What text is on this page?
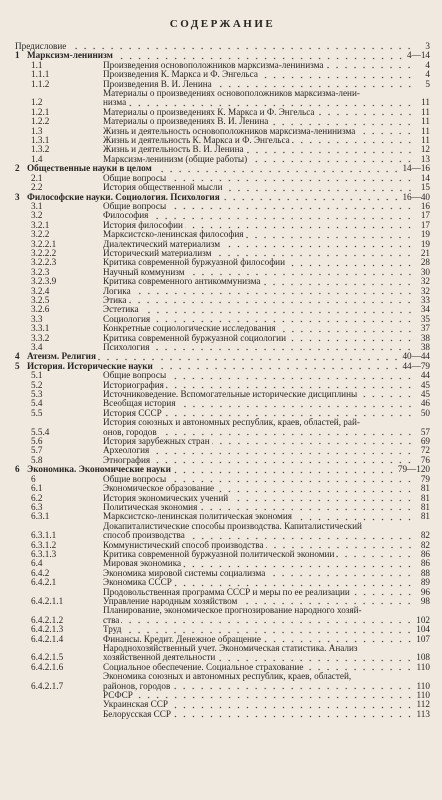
СОДЕРЖАНИЕ
Предисловие	3
1 Марксизм-ленинизм	4—14
1.1	Произведения основоположников марксизма-ленинизма	4
1.1.1	Произведения К. Маркса и Ф. Энгельса	4
1.1.2	Произведения В. И. Ленина	5
1.2
Материалы о произведениях основоположников марксизма-лени-
низма	11
1.2.1	Материалы о произведениях К. Маркса и Ф. Энгельса	11
1.2.2	Материалы о произведениях В. И. Ленина	11
1.3	Жизнь и деятельность основоположников марксизма-ленинизма	11
1.3.1	Жизнь и деятельность К. Маркса и Ф. Энгельса	11
1.3.2	Жизнь и деятельность В. И. Ленина	12
1.4	Марксизм-ленинизм (общие работы)	13
2 Общественные науки в целом	14—16
2.1	Общие вопросы	14
2.2	История общественной мысли	15
3 Философские науки. Социология. Психология	16—40
3.1	Общие вопросы	16
3.2	Философия	17
3.2.1	История философии	17
3.2.2	Марксистско-ленинская философия	19
3.2.2.1	Диалектический материализм	19
3.2.2.2	Исторический материализм	21
3.2.2.3	Критика современной буржуазной философии	28
3.2.3	Научный коммунизм	30
3.2.3.9	Критика современного антикоммунизма	32
3.2.4	Логика	32
3.2.5	Этика	33
3.2.6	Эстетика	34
3.3	Социология	35
3.3.1	Конкретные социологические исследования	37
3.3.2	Критика современной буржуазной социологии	38
3.4	Психология	38
4 Атеизм. Религия	40—44
5 История. Исторические науки	44—79
5.1	Общие вопросы	44
5.2	Историография	45
5.3	Источниковедение. Вспомогательные исторические дисциплины	45
5.4	Всеобщая история	46
5.5	История СССР	50
5.5.4
История союзных и автономных республик, краев, областей, рай-
онов, городов	57
5.6	История зарубежных стран	69
5.7	Археология	72
5.8	Этнография	76
6 Экономика. Экономические науки	79—120
6	Общие вопросы	79
6.1	Экономическое образование	81
6.2	История экономических учений	81
6.3	Политическая экономия	81
6.3.1	Марксистско-ленинская политическая экономия	81
6.3.1.1
Докапиталистические способы производства. Капиталистический
способ производства	82
6.3.1.2	Коммунистический способ производства	82
6.3.1.3	Критика современной буржуазной политической экономии	86
6.4	Мировая экономика	86
6.4.2	Экономика мировой системы социализма	88
6.4.2.1	Экономика СССР	89
Продовольственная программа СССР и меры по ее реализации	96
6.4.2.1.1	Управление народным хозяйством	98
6.4.2.1.2
Планирование, экономическое прогнозирование народного хозяй-
ства	102
6.4.2.1.3	Труд	104
6.4.2.1.4	Финансы. Кредит. Денежное обращение	107
6.4.2.1.5
Народнохозяйственный учет. Экономическая статистика. Анализ
хозяйственной деятельности	108
6.4.2.1.6	Социальное обеспечение. Социальное страхование	110
6.4.2.1.7
Экономика союзных и автономных республик, краев, областей,
районов, городов	110
РСФСР	110
Украинская ССР	112
Белорусская ССР	113
